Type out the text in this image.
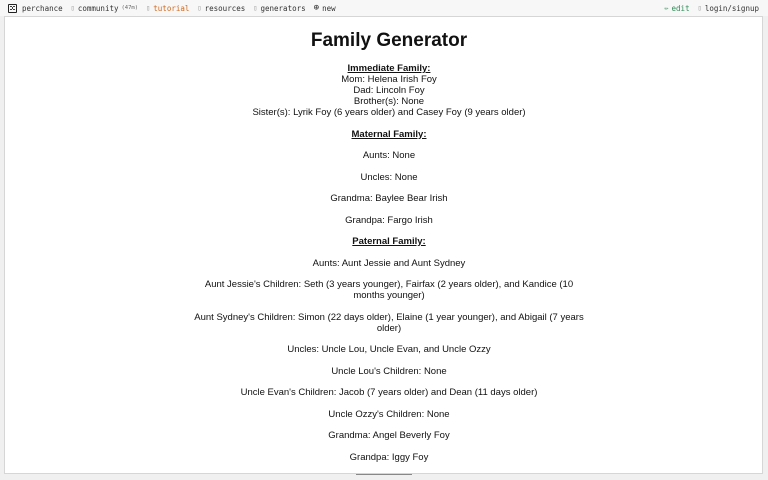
perchance ▯ community (47m) ▯ tutorial ▯ resources ▯ generators ⊕ new	✏ edit ▯ login/signup
Family Generator
Immediate Family:
Mom: Helena Irish Foy
Dad: Lincoln Foy
Brother(s): None
Sister(s): Lyrik Foy (6 years older) and Casey Foy (9 years older)
Maternal Family:
Aunts: None
Uncles: None
Grandma: Baylee Bear Irish
Grandpa: Fargo Irish
Paternal Family:
Aunts: Aunt Jessie and Aunt Sydney
Aunt Jessie's Children: Seth (3 years younger), Fairfax (2 years older), and Kandice (10 months younger)
Aunt Sydney's Children: Simon (22 days older), Elaine (1 year younger), and Abigail (7 years older)
Uncles: Uncle Lou, Uncle Evan, and Uncle Ozzy
Uncle Lou's Children: None
Uncle Evan's Children: Jacob (7 years older) and Dean (11 days older)
Uncle Ozzy's Children: None
Grandma: Angel Beverly Foy
Grandpa: Iggy Foy
